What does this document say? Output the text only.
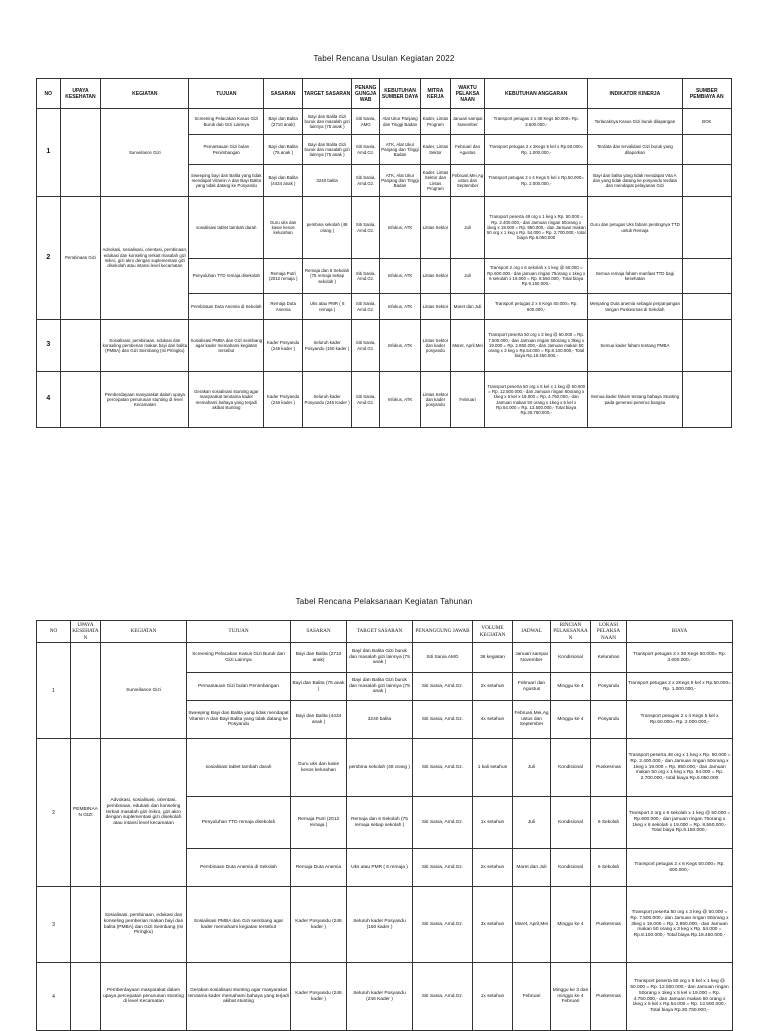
Tabel Rencana Usulan Kegiatan 2022
NO	UPAYA KESEHATAN	KEGIATAN	TUJUAN	SASARAN	TARGET SASARAN	PENANG GUNGJA WAB	KEBUTUHAN SUMBER DAYA	MITRA KERJA	WAKTU PELAKSA NAAN	KEBUTUHAN ANGGARAN	INDIKATOR KINERJA	SUMBER PEMBIAYA AN
1		Surveilance Gizi	Screening Pelacakan Kasus Gizi Buruk dan Gizi Lainnya	Bayi dan Balita (2710 anak)	Bayi dan Balita Gizi buruk dan masalah gizi lainnya (75 anak )	Siti Sania, AMG	Alat Ukur Panjang dan Tinggi Badan	Kader, Lintas Program	Januari sampai November	Transport petugas 2 x 36 Kegs 50.000= Rp. 3.600.000,-	Terlacaknya Kasus Gizi buruk dilapangan	BOK
			Pemantauan Gizi bulan Penimbangan	Bayi dan Balita (75 anak )	Bayi dan Balita Gizi buruk dan masalah gizi lainnya (75 anak )	Siti Sania, Amd.Gz.	ATK, Alat Ukur Panjang dan Tinggi Badan	Kader, Lintas Sektor	Februari dan Agustus	Transport petugas 2 x 2Kegs 5 kel x Rp.50.000= Rp. 1.000.000,-	Terdata dan tervalidasi Gizi buruk yang dilaporkan	
			Sweeping bayi dan Balita yang tidak mendapat Vitamin A dan Bayi Balita yang tidak datang ke Posyandu	Bayi dan Balita (4434 anak )	3240 balita	Siti Sania, Amd.Gz.	ATK, Alat Ukur Panjang dan Tinggi Badan	Kader, Lintas Sektor dan Lintas Program	Februari,Mei,Agustus dan September	Transport petugas 2 x 4 Kegs 5 kel x Rp.50.000= Rp. 2.000.000,-	Bayi dan balita yang tidak mendapat Vita A dan yang tidak datang ke posyandu terdata dan mendapat pelayanan Gizi	
2	Pembinaan Gizi	Advokasi, sosialisasi, orientasi, pembinaan, edukasi dan konseling terkait masalah gizi mikro, gizi akro dengan suplementasi gizi disekolah atau intansi level kecamatan	sosialisasi tablet tambah darah	Guru uks dan kasie kesos kelurahan	pembina sekolah (48 orang )	Siti Sania, Amd.Gz.	Infokus, ATK	Lintas Sektor	Juli	Transport peserta 48 org x 1 keg x Rp. 50.000 = Rp. 2.400.000,- dan Jamuan ringan 50orang x 1keg x 19.000 = Rp. 950.000,- dan Jamuan makan 50 org x 1 keg x Rp. 54.000 = Rp. 2.700.000,- total biaya Rp.6.050.000	Guru dan petugas Uks faham pentingnya TTD untuk Remaja	
			Penyuluhan TTD remaja disekolah	Remaja Putri (2012 remaja )	Remaja dan 6 Sekolah (75 remaja setiap sekolah )	Siti Sania, Amd.Gz.	Infokus, ATK	Lintas Sektor	Juli	Transport 2 org x 6 sekolah x 1 keg @ 50.000 = Rp.600.000,- dan jamuan ringan 75orang x 1keg x 6 sekolah x 19.000 = Rp. 8.550.000,- Total biaya Rp.9.150.000,-	Semua remaja faham manfaat TTD bagi kesehatan	
			Pembinaan Duta Anemia di Sekolah	Remaja Duta Anemia	Uks atau PMR ( 6 remaja )	Siti Sania, Amd.Gz.	Infokus, ATK	Lintas Sektor	Maret dan Juli	Transport petugas 2 x 6 Kegs 50.000= Rp. 600.000,-	Menjaring Duta anemia sebagai perpanjangan tangan Puskesmas di Sekolah	
3		Sosialisasi, pembinaan, edukasi dan konseling pemberian makan bayi dan balita (PMBA) dan Gizi Seimbang (Isi Piringku)	Sosialisasi PMBA dan Gizi seimbang agar kader memahami kegiatan tersebut	Kader Posyandu (246 kader )	Seluruh kader Posyandu (150 kader )	Siti Sania, Amd.Gz.	Infokus, ATK	Lintas Sektor dan kader posyandu	Maret, April,Mei	Transport peserta 50 org x 3 keg @ 50.000 = Rp. 7.500.000,- dan Jamuan ringan 50orang x 3keg x 19.000 = Rp. 2.850.000,- dan Jamuan makan 50 orang x 3 keg x Rp.54.000 = Rp.8.100.000,- Total biaya Rp.18.450.000,-	Semua kader faham tentang PMBA	
4		Pemberdayaan masyarakat dalam upaya percepatan penurunan stunting di level Kecamatan	Gerakan sosialisasi stunting agar masyarakat terutama kader memahami bahaya yang terjadi akibat stunting	Kader Posyandu (246 kader )	Seluruh kader Posyandu (246 Kader )	Siti Sania, Amd.Gz.	Infokus, ATK	Lintas Sektor dan kader posyandu	Februari	Transport peserta 50 org x 5 kel x 1 keg @ 50.000 = Rp. 12.500.000,- dan Jamuan ringan 50orang x 1keg x 5 kel x 19.000 = Rp. 4.750.000,- dan Jamuan makan 50 orang x 1keg x 5 kel x Rp.54.000 = Rp. 13.500.000,- Total biaya Rp.30.750.000,-	Semua kader faham tentang bahaya Stunting pada generasi penerus bangsa	
Tabel Rencana Pelaksanaan Kegiatan Tahunan
NO	UPAYA KESEHATAN	KEGIATAN	TUJUAN	SASARAN	TARGET SASARAN	PENANGGUNG JAWAB	VOLUME KEGIATAN	JADWAL	RINCIAN PELAKSANAA N	LOKASI PELAKSA NAAN	BIAYA
1		Surveilance Gizi	Screening Pelacakan Kasus Gizi Buruk dan Gizi Lainnya	Bayi dan Balita (2710 anak)	Bayi dan Balita Gizi buruk dan masalah gizi lainnya (75 anak )	Siti Sania AMG	36 kegiatan	Januari sampai November	Kondisional	Kelurahan	Transport petugas 2 x 36 Kegs 50.000= Rp. 3.600.000,-
			Pemantauan Gizi bulan Penimbangan	Bayi dan Balita (75 anak )	Bayi dan Balita Gizi buruk dan masalah gizi lainnya (75 anak )	Siti Sania, Amd.Gz.	2x setahun	Februari dan Agustus	Minggu ke 4	Posyandu	Transport petugas 2 x 2Kegs 5 kel x Rp.50.000= Rp. 1.000.000,-
			Sweeping Bayi dan Balita yang tidak mendapat Vitamin A dan Bayi Balita yang tidak datang ke Posyandu	Bayi dan Balita (4434 anak )	3240 balita	Siti Sania, Amd.Gz.	4x setahun	Februari,Mei,Agustus dan September	Minggu ke 4	Posyandu	Transport petugas 2 x 4 Kegs 5 kel x Rp.50.000= Rp. 2.000.000,-
2	PEMBINAAN GIZI	Advokasi, sosialisasi, orientasi, pembinaan, edukasi dan konseling terkait masalah gizi mikro, gizi akro dengan suplementasi gizi disekolah atau intansi level kecamatan	sosialisasi tablet tambah darah	Guru uks dan kasie kesos kelurahan	pembina sekolah (48 orang )	Siti Sania, Amd.Gz.	1 kali setahun	Juli	Kondisional	Puskesmas	Transport peserta 48 org x 1 keg x Rp. 50.000 = Rp. 2.400.000,- dan Jamuan ringan 50orang x 1keg x 19.000 = Rp. 950.000,- dan Jamuan makan 50 org x 1 keg x Rp. 54.000 = Rp. 2.700.000,- total biaya Rp.6.050.000
			Penyuluhan TTD remaja disekolah	Remaja Putri (2012 remaja )	Remaja dan 6 Sekolah (75 remaja setiap sekolah )	Siti Sania, Amd.Gz.	1x setahun	Juli	Kondisional	6 Sekolah	Transport 2 org x 6 sekolah x 1 keg @ 50.000 = Rp.600.000,- dan jamuan ringan 75orang x 1keg x 6 sekolah x 19.000 = Rp. 8.550.000,- Total biaya Rp.9.150.000,-
			Pembinaan Duta Anemia di Sekolah	Remaja Duta Anemia	Uks atau PMR ( 6 remaja )	Siti Sania, Amd.Gz.	2x setahun	Maret dan Juli	Kondisional	6 Sekolah	Transport petugas 2 x 6 Kegs 50.000= Rp. 600.000,-
3		Sosialisasi, pembinaan, edukasi dan konseling pemberian makan bayi dan balita (PMBA) dan Gizi Seimbang (Isi Piringku)	Sosialisasi PMBA dan Gizi seimbang agar kader memahami kegiatan tersebut	Kader Posyandu (246 kader )	Seluruh kader Posyandu (150 kader )	Siti Sania, Amd.Gz.	3x setahun	Maret, April,Mei	Minggu ke 4	Puskesmas	Transport peserta 50 org x 3 keg @ 50.000 = Rp. 7.500.000,- dan Jamuan ringan 50orang x 3keg x 19.000 = Rp. 2.850.000,- dan Jamuan makan 50 orang x 3 keg x Rp. 54.000 = Rp.8.100.000,- Total biaya Rp.18.450.000,-
4		Pemberdayaan masyarakat dalam upaya percepatan penurunan stunting di level Kecamatan	Gerakan sosialisasi stunting agar masyarakat terutama kader memahami bahaya yang terjadi akibat stunting	Kader Posyandu (246 kader )	Seluruh kader Posyandu (246 Kader )	Siti Sania, Amd.Gz.	1x setahun	Februari	Minggu ke 3 dan minggu ke 4 Februari	Puskesmas	Transport peserta 50 org x 5 kel x 1 keg @ 50.000 = Rp. 12.500.000,- dan Jamuan ringan 50orang x 1keg x 5 kel x 19.000 = Rp. 4.750.000,- dan Jamuan makan 50 orang x 1keg x 5 kel x Rp.54.000 = Rp. 13.500.000,- Total biaya Rp.30.750.000,-
